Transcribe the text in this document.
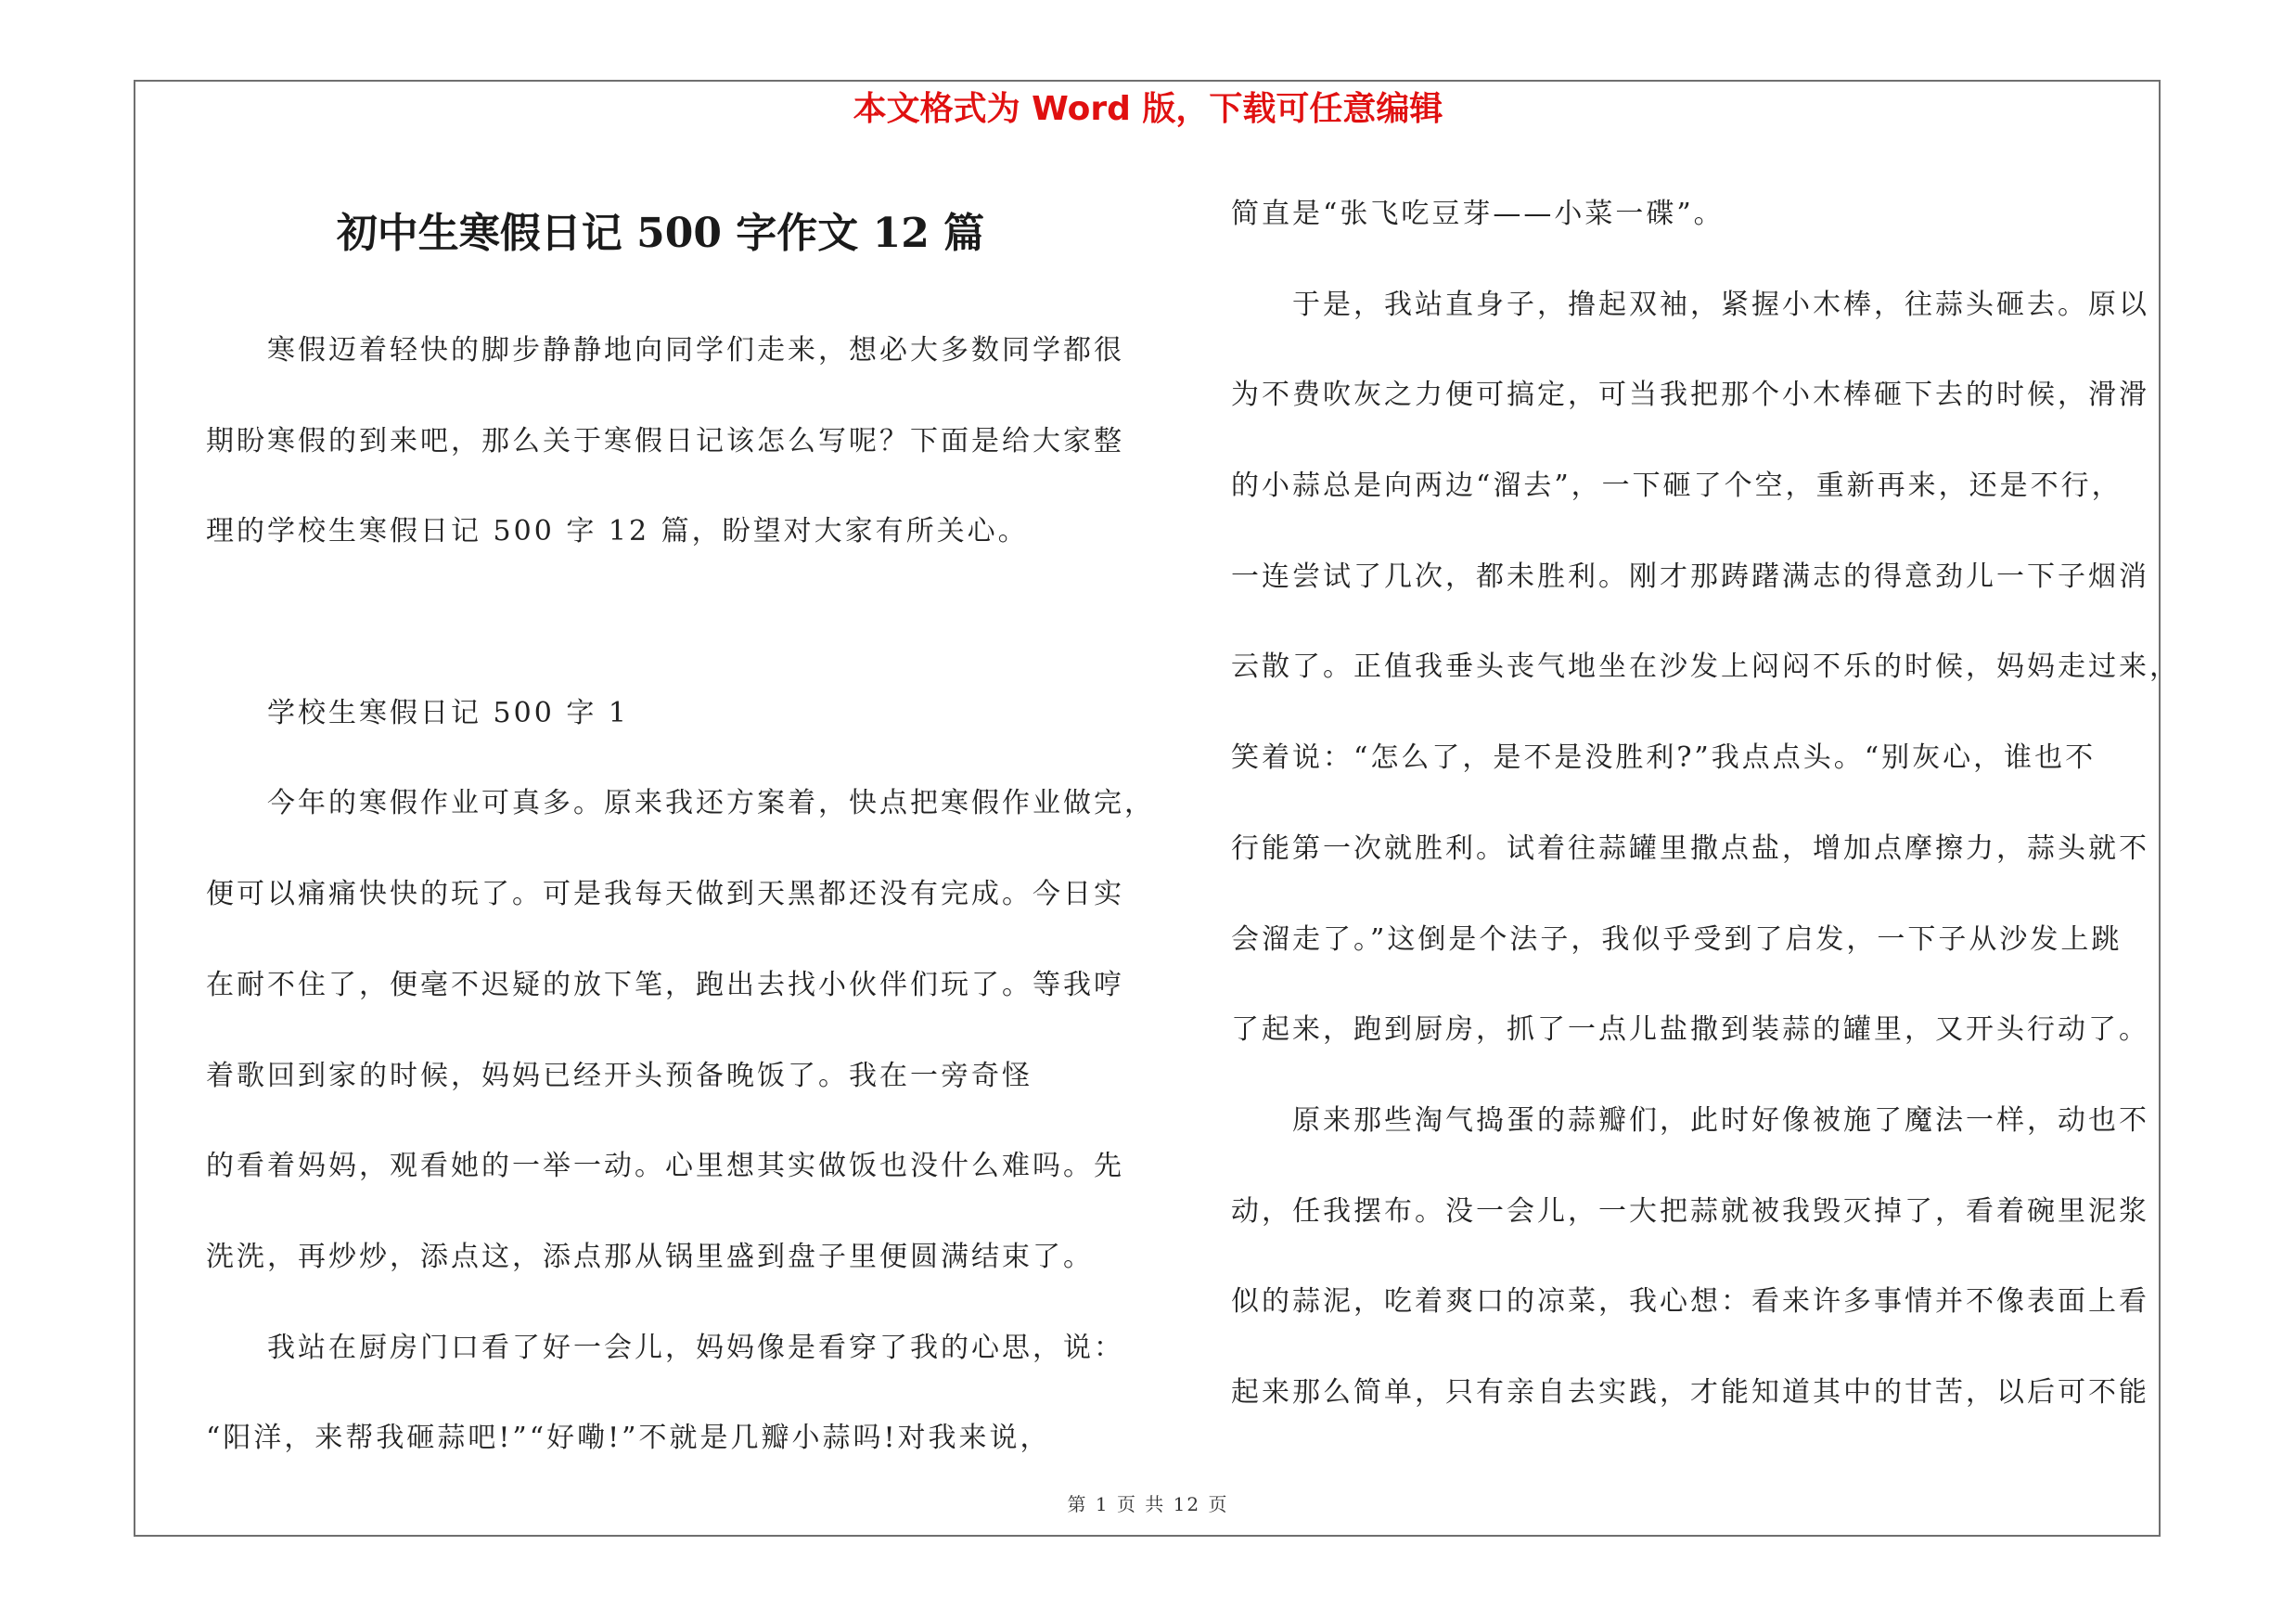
本文格式为 Word 版，下载可任意编辑
初中生寒假日记 500 字作文 12 篇
寒假迈着轻快的脚步静静地向同学们走来，想必大多数同学都很
期盼寒假的到来吧，那么关于寒假日记该怎么写呢？下面是给大家整
理的学校生寒假日记 500 字 12 篇，盼望对大家有所关心。
学校生寒假日记 500 字 1
今年的寒假作业可真多。原来我还方案着，快点把寒假作业做完，
便可以痛痛快快的玩了。可是我每天做到天黑都还没有完成。今日实
在耐不住了，便毫不迟疑的放下笔，跑出去找小伙伴们玩了。等我哼
着歌回到家的时候，妈妈已经开头预备晚饭了。我在一旁奇怪
的看着妈妈，观看她的一举一动。心里想其实做饭也没什么难吗。先
洗洗，再炒炒，添点这，添点那从锅里盛到盘子里便圆满结束了。
我站在厨房门口看了好一会儿，妈妈像是看穿了我的心思，说：
“阳洋，来帮我砸蒜吧!”“好嘞!”不就是几瓣小蒜吗!对我来说，
简直是“张飞吃豆芽——小菜一碟”。
于是，我站直身子，撸起双袖，紧握小木棒，往蒜头砸去。原以
为不费吹灰之力便可搞定，可当我把那个小木棒砸下去的时候，滑滑
的小蒜总是向两边“溜去”，一下砸了个空，重新再来，还是不行，
一连尝试了几次，都未胜利。刚才那踌躇满志的得意劲儿一下子烟消
云散了。正值我垂头丧气地坐在沙发上闷闷不乐的时候，妈妈走过来，
笑着说：“怎么了，是不是没胜利?”我点点头。“别灰心，谁也不
行能第一次就胜利。试着往蒜罐里撒点盐，增加点摩擦力，蒜头就不
会溜走了。”这倒是个法子，我似乎受到了启发，一下子从沙发上跳
了起来，跑到厨房，抓了一点儿盐撒到装蒜的罐里，又开头行动了。
原来那些淘气捣蛋的蒜瓣们，此时好像被施了魔法一样，动也不
动，任我摆布。没一会儿，一大把蒜就被我毁灭掉了，看着碗里泥浆
似的蒜泥，吃着爽口的凉菜，我心想：看来许多事情并不像表面上看
起来那么简单，只有亲自去实践，才能知道其中的甘苦，以后可不能
第 1 页 共 12 页
